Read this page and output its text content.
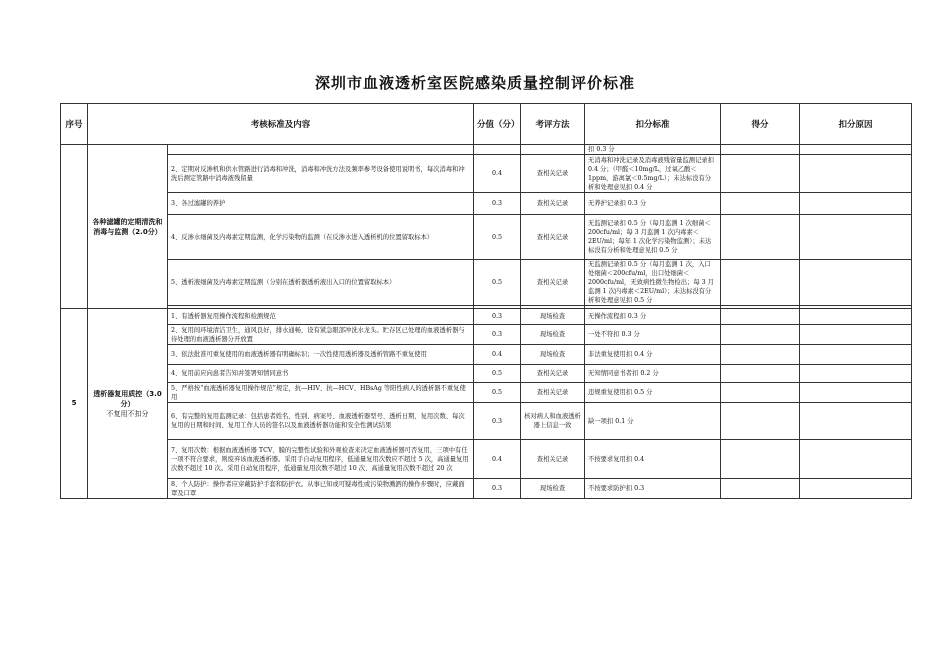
深圳市血液透析室医院感染质量控制评价标准
序号	考核标准及内容		分值（分）	考评方法	扣分标准	得分	扣分原因
	各种滤罐的定期清洗和消毒与监测（2.0分）				扣 0.3 分		
		2、定期对反渗机和供水管路进行消毒和冲洗，消毒和冲洗方法及频率参考设备使用说明书，每次消毒和冲洗后测定管路中消毒液残留量	0.4	查相关记录	无消毒和冲洗记录及消毒液残留量监测记录扣 0.4 分；（甲醛＜10mg/L，过氧乙酸＜1ppm，游离氯＜0.5mg/L）；未达标没有分析和处理意见扣 0.4 分		
		3、各过滤罐的养护	0.3	查相关记录	无养护记录扣 0.3 分		
		4、反渗水细菌及内毒素定期监测，化学污染物的监测（在反渗水进入透析机的位置留取标本）	0.5	查相关记录	无监测记录扣 0.5 分（每月监测 1 次细菌＜200cfu/ml；每 3 月监测 1 次内毒素＜2EU/ml；每年 1 次化学污染物监测）；未达标没有分析和处理意见扣 0.5 分		
		5、透析液细菌及内毒素定期监测（分别在透析器透析液出入口的位置留取标本）	0.5	查相关记录	无监测记录扣 0.5 分（每月监测 1 次，入口处细菌＜200cfu/ml，出口处细菌＜2000cfu/ml，无致病性微生物检出；每 3 月监测 1 次内毒素＜2EU/ml）；未达标没有分析和处理意见扣 0.5 分		

5	透析器复用质控（3.0分）
不复用不扣分	1、有透析器复用操作流程和检测规范	0.3	现场检查	无操作流程扣 0.3 分		
		2、复用间环境清洁卫生，通风良好，排水通畅，设有紧急眼部冲洗水龙头。贮存区已处理的血液透析器与待处理的血液透析器分开放置	0.3	现场检查	一处不符扣 0.3 分		
		3、依法批准可重复使用的血液透析器有明确标识；一次性使用透析器及透析管路不重复使用	0.4	现场检查	非法重复使用扣 0.4 分		
		4、复用前应向患者告知并签署知情同意书	0.5	查相关记录	无知情同意书者扣 0.2 分		
		5、严格按“血液透析器复用操作规范”规定，抗—HIV、抗—HCV、HBsAg 等阳性病人的透析器不重复使用	0.5	查相关记录	违规重复使用扣 0.5 分		
		6、有完整的复用监测记录：包括患者姓名、性别、病案号、血液透析器型号、透析日期、复用次数、每次复用的日期和时间、复用工作人员的签名以及血液透析器功能和安全性测试结果	0.3	核对病人和血液透析器上信息一致	缺一项扣 0.1 分		
		7、复用次数：根据血液透析器 TCV、膜的完整性试验和外观检查来决定血液透析器可否复用，三项中有任一项不符合要求，则废弃该血液透析器。采用手自动复用程序，低通量复用次数应不超过 5 次，高通量复用次数不超过 10 次。采用自动复用程序，低通量复用次数不超过 10 次、高通量复用次数不超过 20 次	0.4	查相关记录	不按要求复用扣 0.4		
		8、个人防护：操作者应穿戴防护手套和防护衣。从事已知或可疑毒性或污染物溅洒的操作步骤时，应戴面罩及口罩	0.3	现场检查	不按要求防护扣 0.3		
